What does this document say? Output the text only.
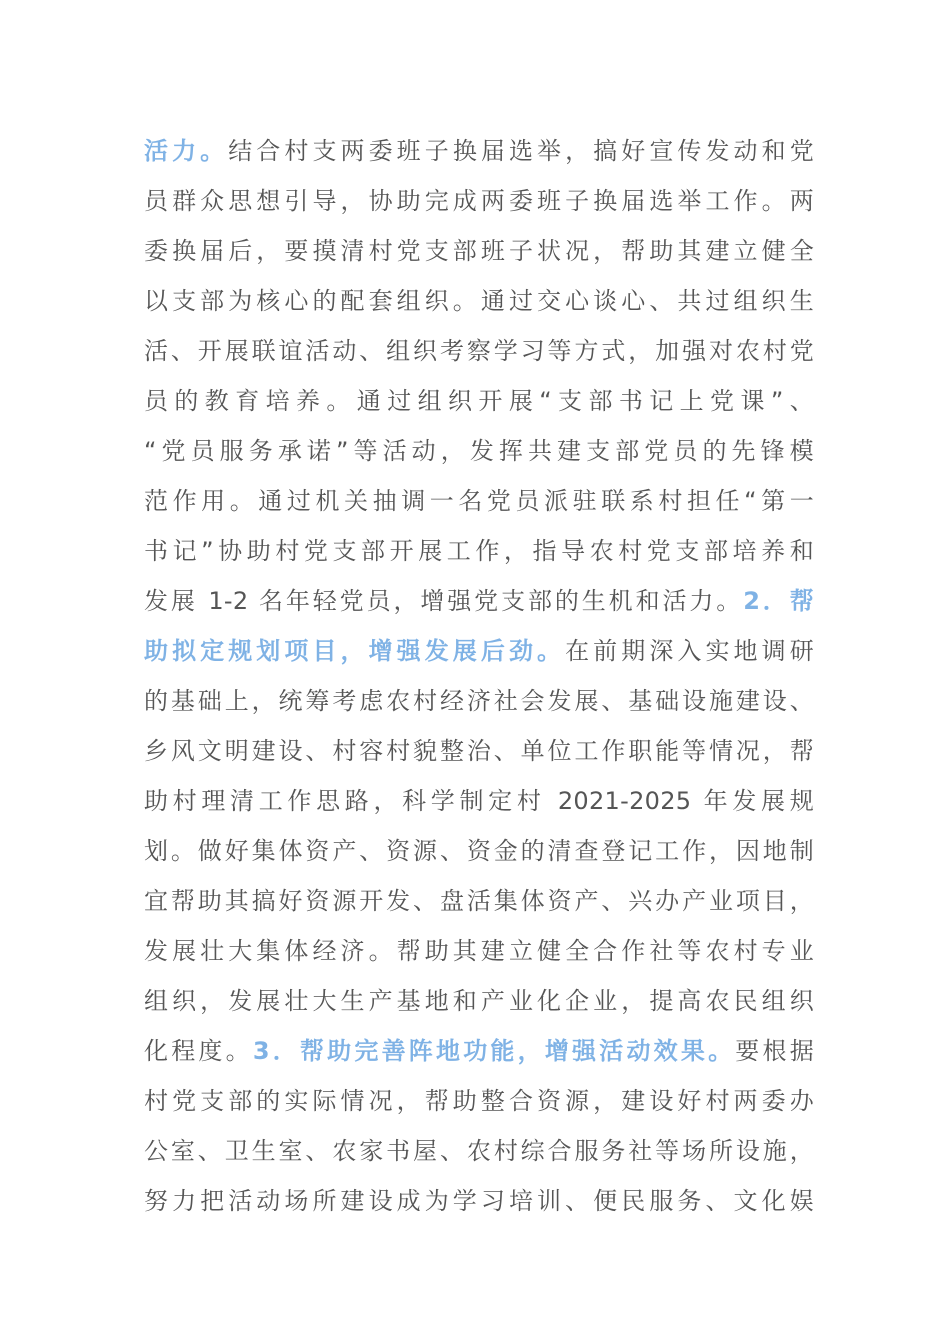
活力。结合村支两委班子换届选举，搞好宣传发动和党
员群众思想引导，协助完成两委班子换届选举工作。两
委换届后，要摸清村党支部班子状况，帮助其建立健全
以支部为核心的配套组织。通过交心谈心、共过组织生
活、开展联谊活动、组织考察学习等方式，加强对农村党
员的教育培养。通过组织开展“支部书记上党课”、
“党员服务承诺”等活动，发挥共建支部党员的先锋模
范作用。通过机关抽调一名党员派驻联系村担任“第一
书记”协助村党支部开展工作，指导农村党支部培养和
发展 1-2 名年轻党员，增强党支部的生机和活力。2．帮
助拟定规划项目，增强发展后劲。在前期深入实地调研
的基础上，统筹考虑农村经济社会发展、基础设施建设、
乡风文明建设、村容村貌整治、单位工作职能等情况，帮
助村理清工作思路，科学制定村 2021-2025 年发展规
划。做好集体资产、资源、资金的清查登记工作，因地制
宜帮助其搞好资源开发、盘活集体资产、兴办产业项目，
发展壮大集体经济。帮助其建立健全合作社等农村专业
组织，发展壮大生产基地和产业化企业，提高农民组织
化程度。3．帮助完善阵地功能，增强活动效果。要根据
村党支部的实际情况，帮助整合资源，建设好村两委办
公室、卫生室、农家书屋、农村综合服务社等场所设施，
努力把活动场所建设成为学习培训、便民服务、文化娱
